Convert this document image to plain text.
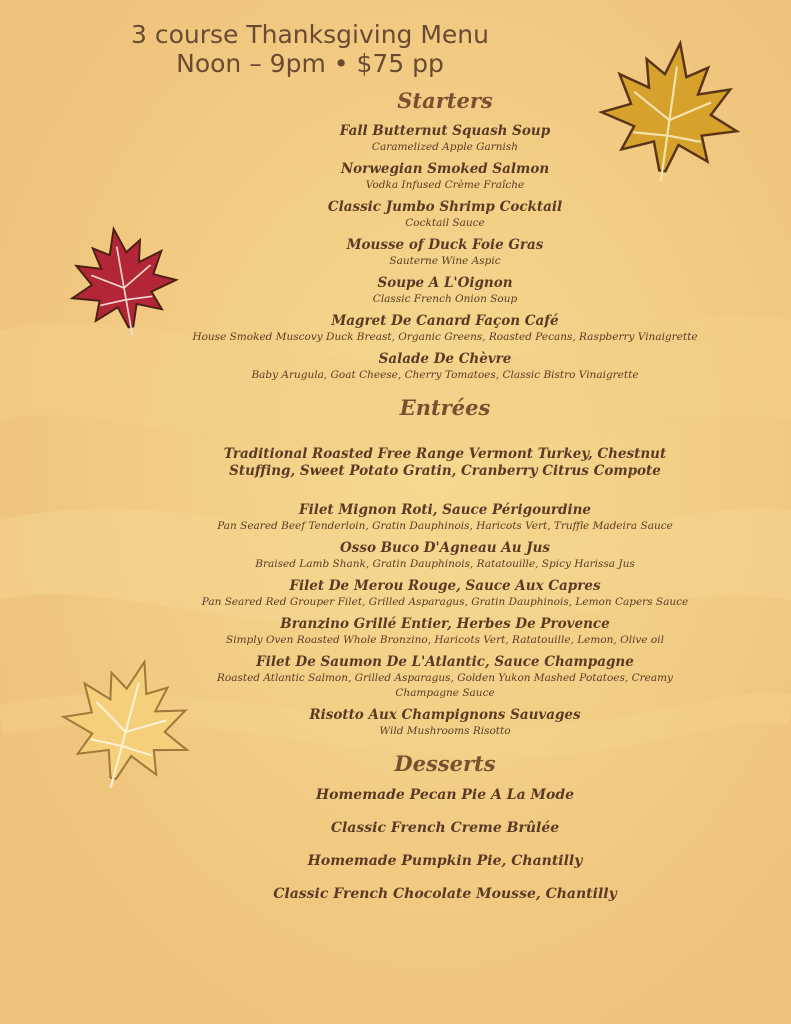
3 course Thanksgiving Menu
Noon – 9pm • $75 pp
Starters
Fall Butternut Squash Soup
Caramelized Apple Garnish
Norwegian Smoked Salmon
Vodka Infused Crème Fraîche
Classic Jumbo Shrimp Cocktail
Cocktail Sauce
Mousse of Duck Foie Gras
Sauterne Wine Aspic
Soupe A L'Oignon
Classic French Onion Soup
Magret De Canard Façon Café
House Smoked Muscovy Duck Breast, Organic Greens, Roasted Pecans, Raspberry Vinaigrette
Salade De Chèvre
Baby Arugula, Goat Cheese, Cherry Tomatoes, Classic Bistro Vinaigrette
Entrées
Traditional Roasted Free Range Vermont Turkey, Chestnut Stuffing, Sweet Potato Gratin, Cranberry Citrus Compote
Filet Mignon Roti, Sauce Périgourdine
Pan Seared Beef Tenderloin, Gratin Dauphinois, Haricots Vert, Truffle Madeira Sauce
Osso Buco D'Agneau Au Jus
Braised Lamb Shank, Gratin Dauphinois, Ratatouille, Spicy Harissa Jus
Filet De Merou Rouge, Sauce Aux Capres
Pan Seared Red Grouper Filet, Grilled Asparagus, Gratin Dauphinois, Lemon Capers Sauce
Branzino Grillé Entier, Herbes De Provence
Simply Oven Roasted Whole Bronzino, Haricots Vert, Ratatouille, Lemon, Olive oil
Filet De Saumon De L'Atlantic, Sauce Champagne
Roasted Atlantic Salmon, Grilled Asparagus, Golden Yukon Mashed Potatoes, Creamy Champagne Sauce
Risotto Aux Champignons Sauvages
Wild Mushrooms Risotto
Desserts
Homemade Pecan Pie A La Mode
Classic French Creme Brûlée
Homemade Pumpkin Pie, Chantilly
Classic French Chocolate Mousse, Chantilly
